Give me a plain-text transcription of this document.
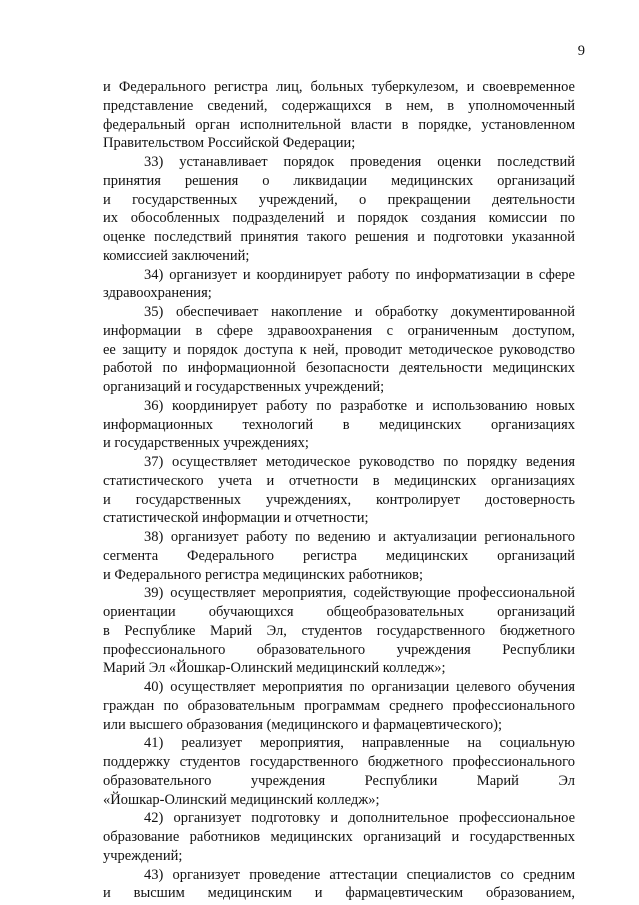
9
и Федерального регистра лиц, больных туберкулезом, и своевременное
представление сведений, содержащихся в нем, в уполномоченный
федеральный орган исполнительной власти в порядке, установленном
Правительством Российской Федерации;
33) устанавливает порядок проведения оценки последствий
принятия решения о ликвидации медицинских организаций
и государственных учреждений, о прекращении деятельности
их обособленных подразделений и порядок создания комиссии по
оценке последствий принятия такого решения и подготовки указанной
комиссией заключений;
34) организует и координирует работу по информатизации в сфере
здравоохранения;
35) обеспечивает накопление и обработку документированной
информации в сфере здравоохранения с ограниченным доступом,
ее защиту и порядок доступа к ней, проводит методическое руководство
работой по информационной безопасности деятельности медицинских
организаций и государственных учреждений;
36) координирует работу по разработке и использованию новых
информационных технологий в медицинских организациях
и государственных учреждениях;
37) осуществляет методическое руководство по порядку ведения
статистического учета и отчетности в медицинских организациях
и государственных учреждениях, контролирует достоверность
статистической информации и отчетности;
38) организует работу по ведению и актуализации регионального
сегмента Федерального регистра медицинских организаций
и Федерального регистра медицинских работников;
39) осуществляет мероприятия, содействующие профессиональной
ориентации обучающихся общеобразовательных организаций
в Республике Марий Эл, студентов государственного бюджетного
профессионального образовательного учреждения Республики
Марий Эл «Йошкар-Олинский медицинский колледж»;
40) осуществляет мероприятия по организации целевого обучения
граждан по образовательным программам среднего профессионального
или высшего образования (медицинского и фармацевтического);
41) реализует мероприятия, направленные на социальную
поддержку студентов государственного бюджетного профессионального
образовательного учреждения Республики Марий Эл
«Йошкар-Олинский медицинский колледж»;
42) организует подготовку и дополнительное профессиональное
образование работников медицинских организаций и государственных
учреждений;
43) организует проведение аттестации специалистов со средним
и высшим медицинским и фармацевтическим образованием,
